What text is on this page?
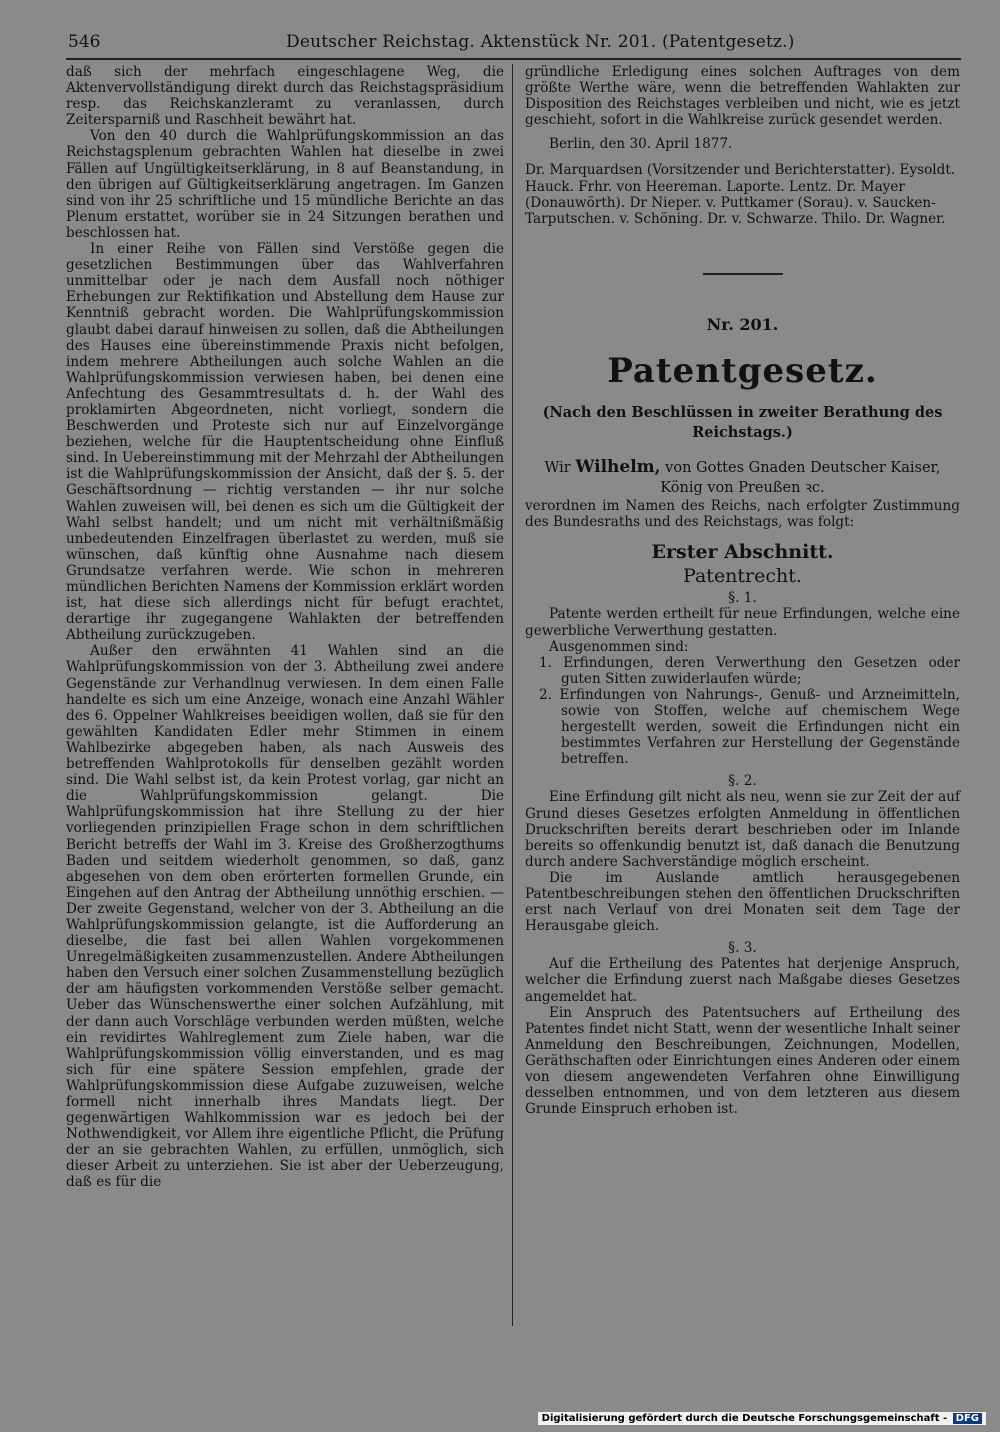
546	Deutscher Reichstag. Aktenstück Nr. 201. (Patentgesetz.)

daß sich der mehrfach eingeschlagene Weg, die Aktenvervollständigung direkt durch das Reichstagspräsidium resp. das Reichskanzleramt zu veranlassen, durch Zeitersparniß und Raschheit bewährt hat.

Von den 40 durch die Wahlprüfungskommission an das Reichstagsplenum gebrachten Wahlen hat dieselbe in zwei Fällen auf Ungültigkeitserklärung, in 8 auf Beanstandung, in den übrigen auf Gültigkeitserklärung angetragen. Im Ganzen sind von ihr 25 schriftliche und 15 mündliche Berichte an das Plenum erstattet, worüber sie in 24 Sitzungen berathen und beschlossen hat.

In einer Reihe von Fällen sind Verstöße gegen die gesetzlichen Bestimmungen über das Wahlverfahren unmittelbar oder je nach dem Ausfall noch nöthiger Erhebungen zur Rektifikation und Abstellung dem Hause zur Kenntniß gebracht worden. Die Wahlprüfungskommission glaubt dabei darauf hinweisen zu sollen, daß die Abtheilungen des Hauses eine übereinstimmende Praxis nicht befolgen, indem mehrere Abtheilungen auch solche Wahlen an die Wahlprüfungskommission verwiesen haben, bei denen eine Anfechtung des Gesammtresultats d. h. der Wahl des proklamirten Abgeordneten, nicht vorliegt, sondern die Beschwerden und Proteste sich nur auf Einzelvorgänge beziehen, welche für die Hauptentscheidung ohne Einfluß sind. In Uebereinstimmung mit der Mehrzahl der Abtheilungen ist die Wahlprüfungskommission der Ansicht, daß der §. 5. der Geschäftsordnung — richtig verstanden — ihr nur solche Wahlen zuweisen will, bei denen es sich um die Gültigkeit der Wahl selbst handelt; und um nicht mit verhältnißmäßig unbedeutenden Einzelfragen überlastet zu werden, muß sie wünschen, daß künftig ohne Ausnahme nach diesem Grundsatze verfahren werde. Wie schon in mehreren mündlichen Berichten Namens der Kommission erklärt worden ist, hat diese sich allerdings nicht für befugt erachtet, derartige ihr zugegangene Wahlakten der betreffenden Abtheilung zurückzugeben.

Außer den erwähnten 41 Wahlen sind an die Wahlprüfungskommission von der 3. Abtheilung zwei andere Gegenstände zur Verhandlnug verwiesen. In dem einen Falle handelte es sich um eine Anzeige, wonach eine Anzahl Wähler des 6. Oppelner Wahlkreises beeidigen wollen, daß sie für den gewählten Kandidaten Edler mehr Stimmen in einem Wahlbezirke abgegeben haben, als nach Ausweis des betreffenden Wahlprotokolls für denselben gezählt worden sind. Die Wahl selbst ist, da kein Protest vorlag, gar nicht an die Wahlprüfungskommission gelangt. Die Wahlprüfungskommission hat ihre Stellung zu der hier vorliegenden prinzipiellen Frage schon in dem schriftlichen Bericht betreffs der Wahl im 3. Kreise des Großherzogthums Baden und seitdem wiederholt genommen, so daß, ganz abgesehen von dem oben erörterten formellen Grunde, ein Eingehen auf den Antrag der Abtheilung unnöthig erschien. — Der zweite Gegenstand, welcher von der 3. Abtheilung an die Wahlprüfungskommission gelangte, ist die Aufforderung an dieselbe, die fast bei allen Wahlen vorgekommenen Unregelmäßigkeiten zusammenzustellen. Andere Abtheilungen haben den Versuch einer solchen Zusammenstellung bezüglich der am häufigsten vorkommenden Verstöße selber gemacht. Ueber das Wünschenswerthe einer solchen Aufzählung, mit der dann auch Vorschläge verbunden werden müßten, welche ein revidirtes Wahlreglement zum Ziele haben, war die Wahlprüfungskommission völlig einverstanden, und es mag sich für eine spätere Session empfehlen, grade der Wahlprüfungskommission diese Aufgabe zuzuweisen, welche formell nicht innerhalb ihres Mandats liegt. Der gegenwärtigen Wahlkommission war es jedoch bei der Nothwendigkeit, vor Allem ihre eigentliche Pflicht, die Prüfung der an sie gebrachten Wahlen, zu erfüllen, unmöglich, sich dieser Arbeit zu unterziehen. Sie ist aber der Ueberzeugung, daß es für die

gründliche Erledigung eines solchen Auftrages von dem größte Werthe wäre, wenn die betreffenden Wahlakten zur Disposition des Reichstages verbleiben und nicht, wie es jetzt geschieht, sofort in die Wahlkreise zurück gesendet werden.

Berlin, den 30. April 1877.

Dr. Marquardsen (Vorsitzender und Berichterstatter). Eysoldt. Hauck. Frhr. von Heereman. Laporte. Lentz. Dr. Mayer (Donauwörth). Dr Nieper. v. Puttkamer (Sorau). v. Saucken-Tarputschen. v. Schöning. Dr. v. Schwarze. Thilo. Dr. Wagner.

Nr. 201.

Patentgesetz.

(Nach den Beschlüssen in zweiter Berathung des Reichstags.)

Wir Wilhelm, von Gottes Gnaden Deutscher Kaiser, König von Preußen ꝛc.

verordnen im Namen des Reichs, nach erfolgter Zustimmung des Bundesraths und des Reichstags, was folgt:

Erster Abschnitt.

Patentrecht.

§. 1.

Patente werden ertheilt für neue Erfindungen, welche eine gewerbliche Verwerthung gestatten.

Ausgenommen sind:

1. Erfindungen, deren Verwerthung den Gesetzen oder guten Sitten zuwiderlaufen würde;

2. Erfindungen von Nahrungs-, Genuß- und Arzneimitteln, sowie von Stoffen, welche auf chemischem Wege hergestellt werden, soweit die Erfindungen nicht ein bestimmtes Verfahren zur Herstellung der Gegenstände betreffen.

§. 2.

Eine Erfindung gilt nicht als neu, wenn sie zur Zeit der auf Grund dieses Gesetzes erfolgten Anmeldung in öffentlichen Druckschriften bereits derart beschrieben oder im Inlande bereits so offenkundig benutzt ist, daß danach die Benutzung durch andere Sachverständige möglich erscheint.

Die im Auslande amtlich herausgegebenen Patentbeschreibungen stehen den öffentlichen Druckschriften erst nach Verlauf von drei Monaten seit dem Tage der Herausgabe gleich.

§. 3.

Auf die Ertheilung des Patentes hat derjenige Anspruch, welcher die Erfindung zuerst nach Maßgabe dieses Gesetzes angemeldet hat.

Ein Anspruch des Patentsuchers auf Ertheilung des Patentes findet nicht Statt, wenn der wesentliche Inhalt seiner Anmeldung den Beschreibungen, Zeichnungen, Modellen, Geräthschaften oder Einrichtungen eines Anderen oder einem von diesem angewendeten Verfahren ohne Einwilligung desselben entnommen, und von dem letzteren aus diesem Grunde Einspruch erhoben ist.

Digitalisierung gefördert durch die Deutsche Forschungsgemeinschaft - DFG
